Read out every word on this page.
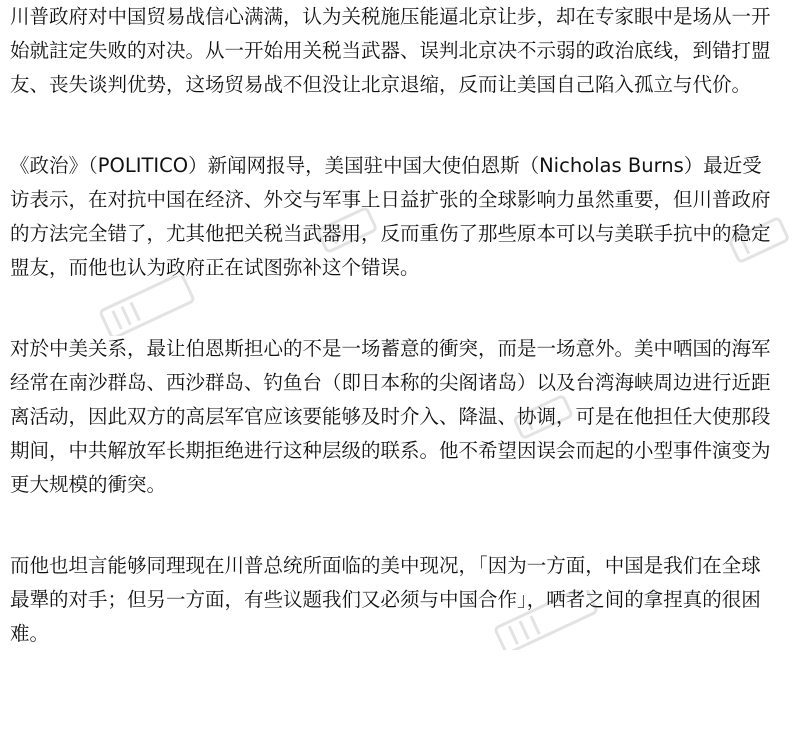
川普政府对中国贸易战信心满满，认为关税施压能逼北京让步，却在专家眼中是场从一开
始就註定失败的对决。从一开始用关税当武器、误判北京决不示弱的政治底线，到错打盟
友、丧失谈判优势，这场贸易战不但没让北京退缩，反而让美国自己陷入孤立与代价。
《政治》（POLITICO）新闻网报导，美国驻中国大使伯恩斯（Nicholas Burns）最近受
访表示，在对抗中国在经济、外交与军事上日益扩张的全球影响力虽然重要，但川普政府
的方法完全错了，尤其他把关税当武器用，反而重伤了那些原本可以与美联手抗中的稳定
盟友，而他也认为政府正在试图弥补这个错误。
对於中美关系，最让伯恩斯担心的不是一场蓄意的衝突，而是一场意外。美中哂国的海军
经常在南沙群岛、西沙群岛、钓鱼台（即日本称的尖阁诸岛）以及台湾海峡周边进行近距
离活动，因此双方的高层军官应该要能够及时介入、降温、协调，可是在他担任大使那段
期间，中共解放军长期拒绝进行这种层级的联系。他不希望因误会而起的小型事件演变为
更大规模的衝突。
而他也坦言能够同理现在川普总统所面临的美中现况，「因为一方面，中国是我们在全球
最犟的对手；但另一方面，有些议题我们又必须与中国合作」，哂者之间的拿捏真的很困
难。
